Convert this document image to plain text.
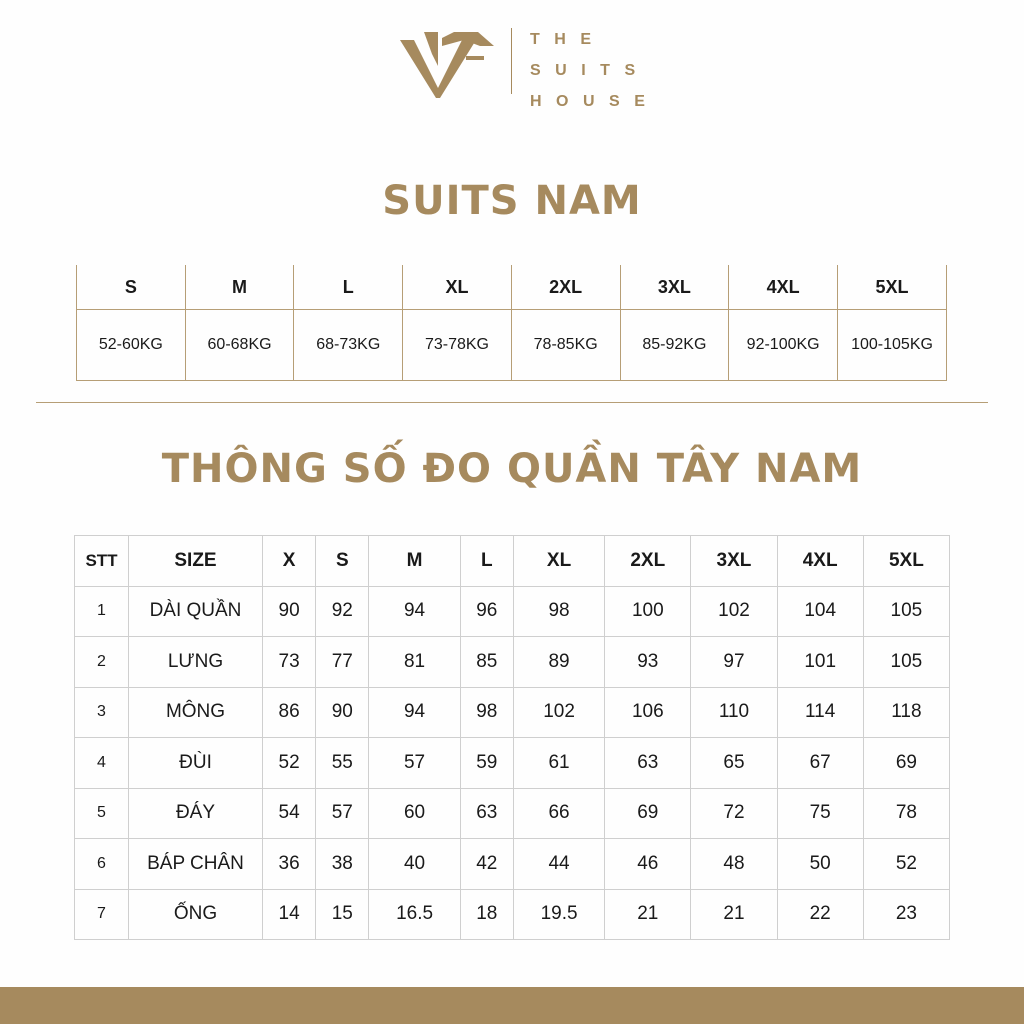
THE
SUITS
HOUSE
SUITS NAM
S	M	L	XL	2XL	3XL	4XL	5XL
52-60KG	60-68KG	68-73KG	73-78KG	78-85KG	85-92KG	92-100KG	100-105KG
THÔNG SỐ ĐO QUẦN TÂY NAM
STT	SIZE	X	S	M	L	XL	2XL	3XL	4XL	5XL
1	DÀI QUẦN	90	92	94	96	98	100	102	104	105
2	LƯNG	73	77	81	85	89	93	97	101	105
3	MÔNG	86	90	94	98	102	106	110	114	118
4	ĐÙI	52	55	57	59	61	63	65	67	69
5	ĐÁY	54	57	60	63	66	69	72	75	78
6	BÁP CHÂN	36	38	40	42	44	46	48	50	52
7	ỐNG	14	15	16.5	18	19.5	21	21	22	23
